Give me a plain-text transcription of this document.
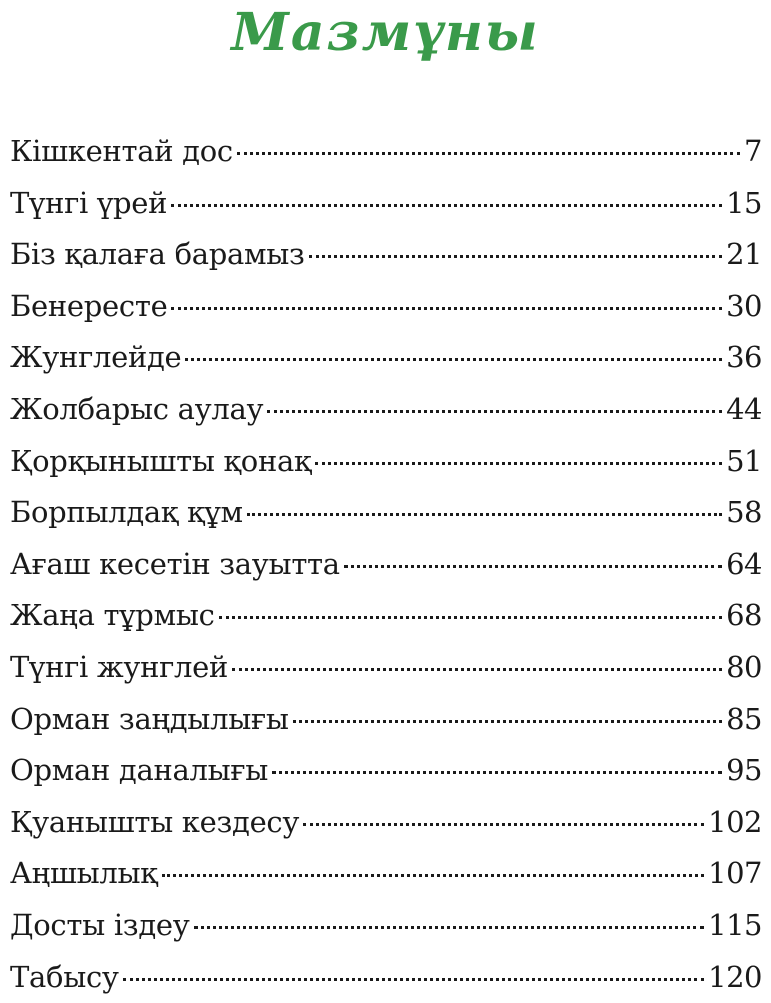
Мазмұны
Кішкентай дос	7
Түнгі үрей	15
Біз қалаға барамыз	21
Бенересте	30
Жунглейде	36
Жолбарыс аулау	44
Қорқынышты қонақ	51
Борпылдақ құм	58
Ағаш кесетін зауытта	64
Жаңа тұрмыс	68
Түнгі жунглей	80
Орман заңдылығы	85
Орман даналығы	95
Қуанышты кездесу	102
Аңшылық	107
Досты іздеу	115
Табысу	120
